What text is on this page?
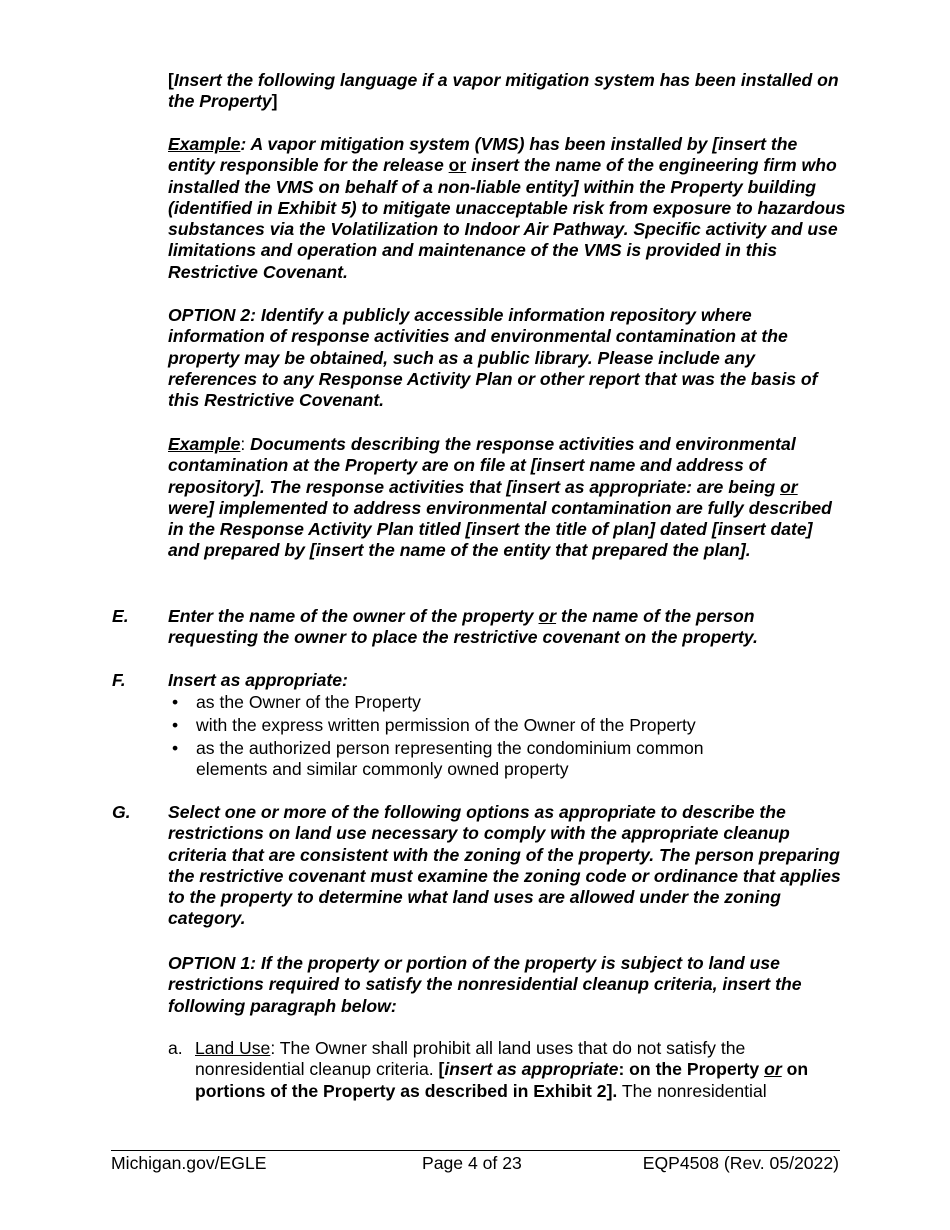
[Insert the following language if a vapor mitigation system has been installed on the Property]

Example: A vapor mitigation system (VMS) has been installed by [insert the entity responsible for the release or insert the name of the engineering firm who installed the VMS on behalf of a non-liable entity] within the Property building (identified in Exhibit 5) to mitigate unacceptable risk from exposure to hazardous substances via the Volatilization to Indoor Air Pathway. Specific activity and use limitations and operation and maintenance of the VMS is provided in this Restrictive Covenant.

OPTION 2: Identify a publicly accessible information repository where information of response activities and environmental contamination at the property may be obtained, such as a public library. Please include any references to any Response Activity Plan or other report that was the basis of this Restrictive Covenant.

Example: Documents describing the response activities and environmental contamination at the Property are on file at [insert name and address of repository]. The response activities that [insert as appropriate: are being or were] implemented to address environmental contamination are fully described in the Response Activity Plan titled [insert the title of plan] dated [insert date] and prepared by [insert the name of the entity that prepared the plan].

E. Enter the name of the owner of the property or the name of the person requesting the owner to place the restrictive covenant on the property.

F. Insert as appropriate:

• as the Owner of the Property
• with the express written permission of the Owner of the Property
• as the authorized person representing the condominium common elements and similar commonly owned property
G. Select one or more of the following options as appropriate to describe the restrictions on land use necessary to comply with the appropriate cleanup criteria that are consistent with the zoning of the property. The person preparing the restrictive covenant must examine the zoning code or ordinance that applies to the property to determine what land uses are allowed under the zoning category.

OPTION 1: If the property or portion of the property is subject to land use restrictions required to satisfy the nonresidential cleanup criteria, insert the following paragraph below:

a. Land Use: The Owner shall prohibit all land uses that do not satisfy the nonresidential cleanup criteria. [insert as appropriate: on the Property or on portions of the Property as described in Exhibit 2]. The nonresidential
Michigan.gov/EGLE	Page 4 of 23	EQP4508 (Rev. 05/2022)
